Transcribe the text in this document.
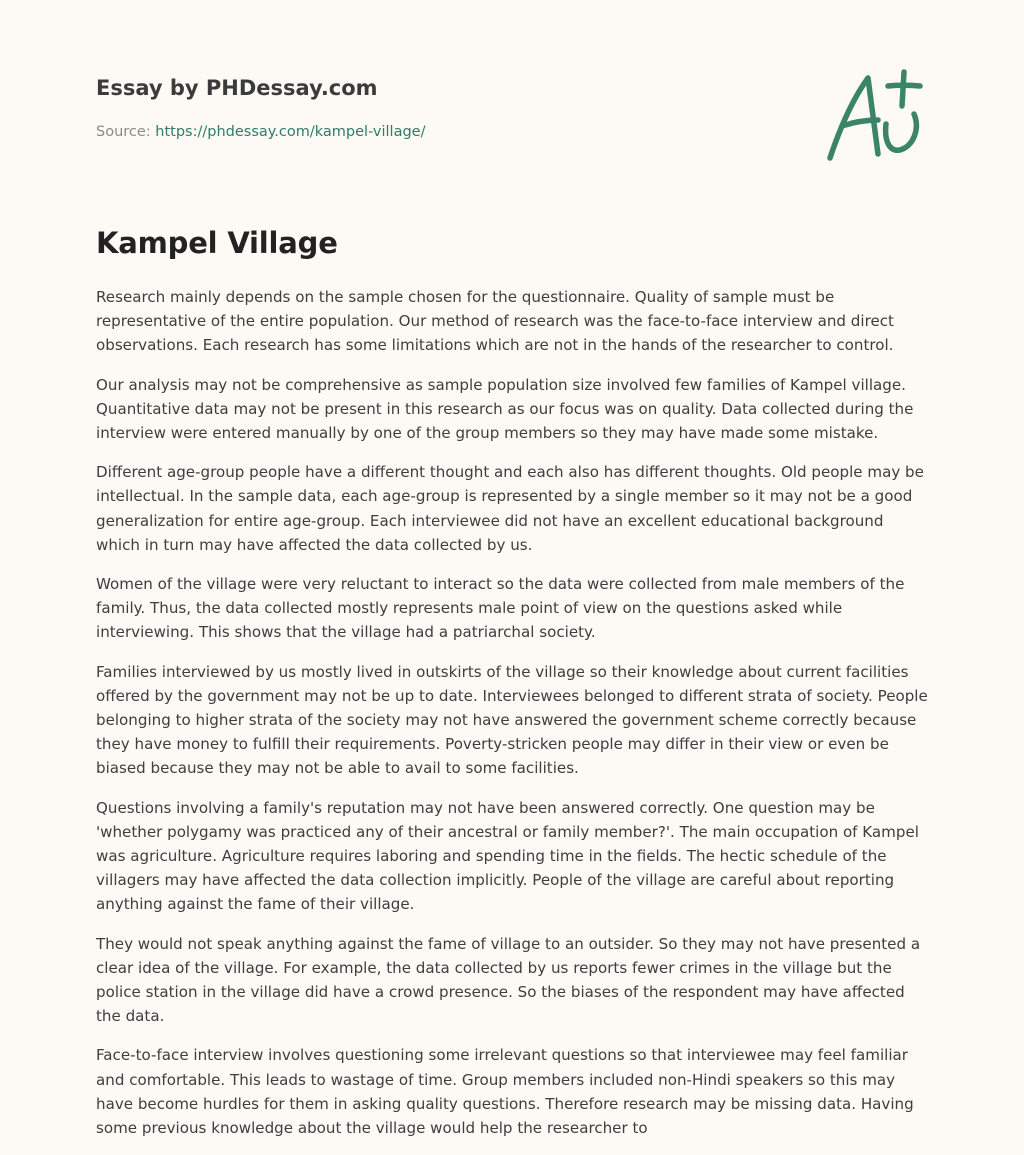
Essay by PHDessay.com

Source: https://phdessay.com/kampel-village/

Kampel Village

Research mainly depends on the sample chosen for the questionnaire. Quality of sample must be representative of the entire population. Our method of research was the face-to-face interview and direct observations. Each research has some limitations which are not in the hands of the researcher to control.

Our analysis may not be comprehensive as sample population size involved few families of Kampel village. Quantitative data may not be present in this research as our focus was on quality. Data collected during the interview were entered manually by one of the group members so they may have made some mistake.

Different age-group people have a different thought and each also has different thoughts. Old people may be intellectual. In the sample data, each age-group is represented by a single member so it may not be a good generalization for entire age-group. Each interviewee did not have an excellent educational background which in turn may have affected the data collected by us.

Women of the village were very reluctant to interact so the data were collected from male members of the family. Thus, the data collected mostly represents male point of view on the questions asked while interviewing. This shows that the village had a patriarchal society.

Families interviewed by us mostly lived in outskirts of the village so their knowledge about current facilities offered by the government may not be up to date. Interviewees belonged to different strata of society. People belonging to higher strata of the society may not have answered the government scheme correctly because they have money to fulfill their requirements. Poverty-stricken people may differ in their view or even be biased because they may not be able to avail to some facilities.

Questions involving a family's reputation may not have been answered correctly. One question may be 'whether polygamy was practiced any of their ancestral or family member?'. The main occupation of Kampel was agriculture. Agriculture requires laboring and spending time in the fields. The hectic schedule of the villagers may have affected the data collection implicitly. People of the village are careful about reporting anything against the fame of their village.

They would not speak anything against the fame of village to an outsider. So they may not have presented a clear idea of the village. For example, the data collected by us reports fewer crimes in the village but the police station in the village did have a crowd presence. So the biases of the respondent may have affected the data.

Face-to-face interview involves questioning some irrelevant questions so that interviewee may feel familiar and comfortable. This leads to wastage of time. Group members included non-Hindi speakers so this may have become hurdles for them in asking quality questions. Therefore research may be missing data. Having some previous knowledge about the village would help the researcher to
